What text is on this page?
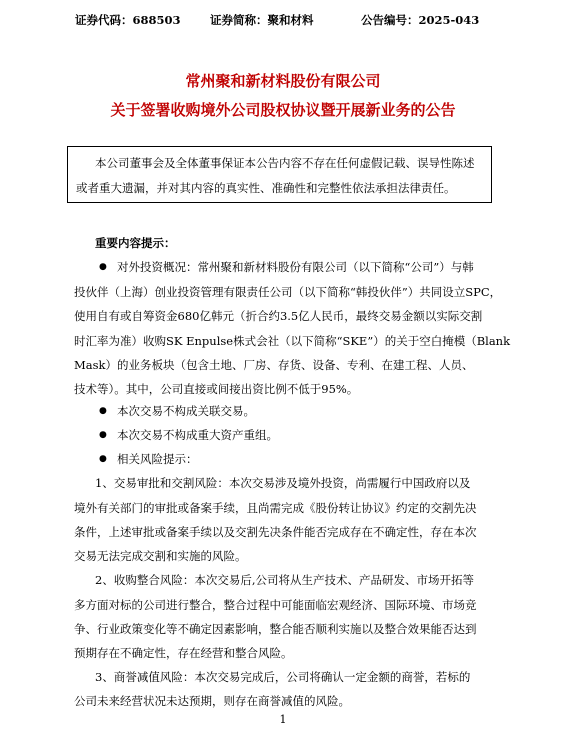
证券代码：688503	证券简称：聚和材料	公告编号：2025-043
常州聚和新材料股份有限公司
关于签署收购境外公司股权协议暨开展新业务的公告

本公司董事会及全体董事保证本公告内容不存在任何虚假记载、误导性陈述

或者重大遗漏，并对其内容的真实性、准确性和完整性依法承担法律责任。

重要内容提示：
● 对外投资概况：常州聚和新材料股份有限公司（以下简称“公司”）与韩
投伙伴（上海）创业投资管理有限责任公司（以下简称“韩投伙伴”）共同设立SPC，
使用自有或自筹资金680亿韩元（折合约3.5亿人民币，最终交易金额以实际交割
时汇率为准）收购SK Enpulse株式会社（以下简称“SKE”）的关于空白掩模（Blank
Mask）的业务板块（包含土地、厂房、存货、设备、专利、在建工程、人员、
技术等）。其中，公司直接或间接出资比例不低于95%。
● 本次交易不构成关联交易。
● 本次交易不构成重大资产重组。
● 相关风险提示：
1、交易审批和交割风险：本次交易涉及境外投资，尚需履行中国政府以及
境外有关部门的审批或备案手续，且尚需完成《股份转让协议》约定的交割先决
条件，上述审批或备案手续以及交割先决条件能否完成存在不确定性，存在本次
交易无法完成交割和实施的风险。
2、收购整合风险：本次交易后,公司将从生产技术、产品研发、市场开拓等
多方面对标的公司进行整合，整合过程中可能面临宏观经济、国际环境、市场竞
争、行业政策变化等不确定因素影响，整合能否顺利实施以及整合效果能否达到
预期存在不确定性，存在经营和整合风险。
3、商誉减值风险：本次交易完成后，公司将确认一定金额的商誉，若标的
公司未来经营状况未达预期，则存在商誉减值的风险。
1
